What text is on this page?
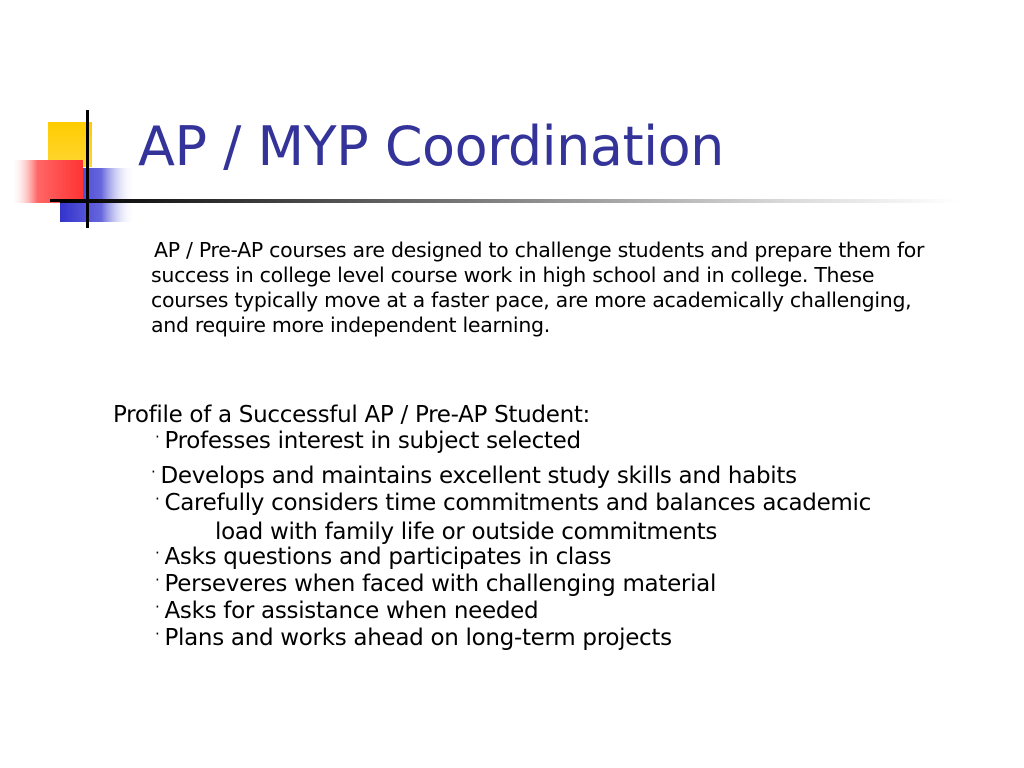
AP / MYP Coordination

AP / Pre-AP courses are designed to challenge students and prepare them for success in college level course work in high school and in college. These courses typically move at a faster pace, are more academically challenging, and require more independent learning.

Profile of a Successful AP / Pre-AP Student:

· Professes interest in subject selected

· Develops and maintains excellent study skills and habits

· Carefully considers time commitments and balances academic
load with family life or outside commitments

· Asks questions and participates in class

· Perseveres when faced with challenging material

· Asks for assistance when needed

· Plans and works ahead on long-term projects
